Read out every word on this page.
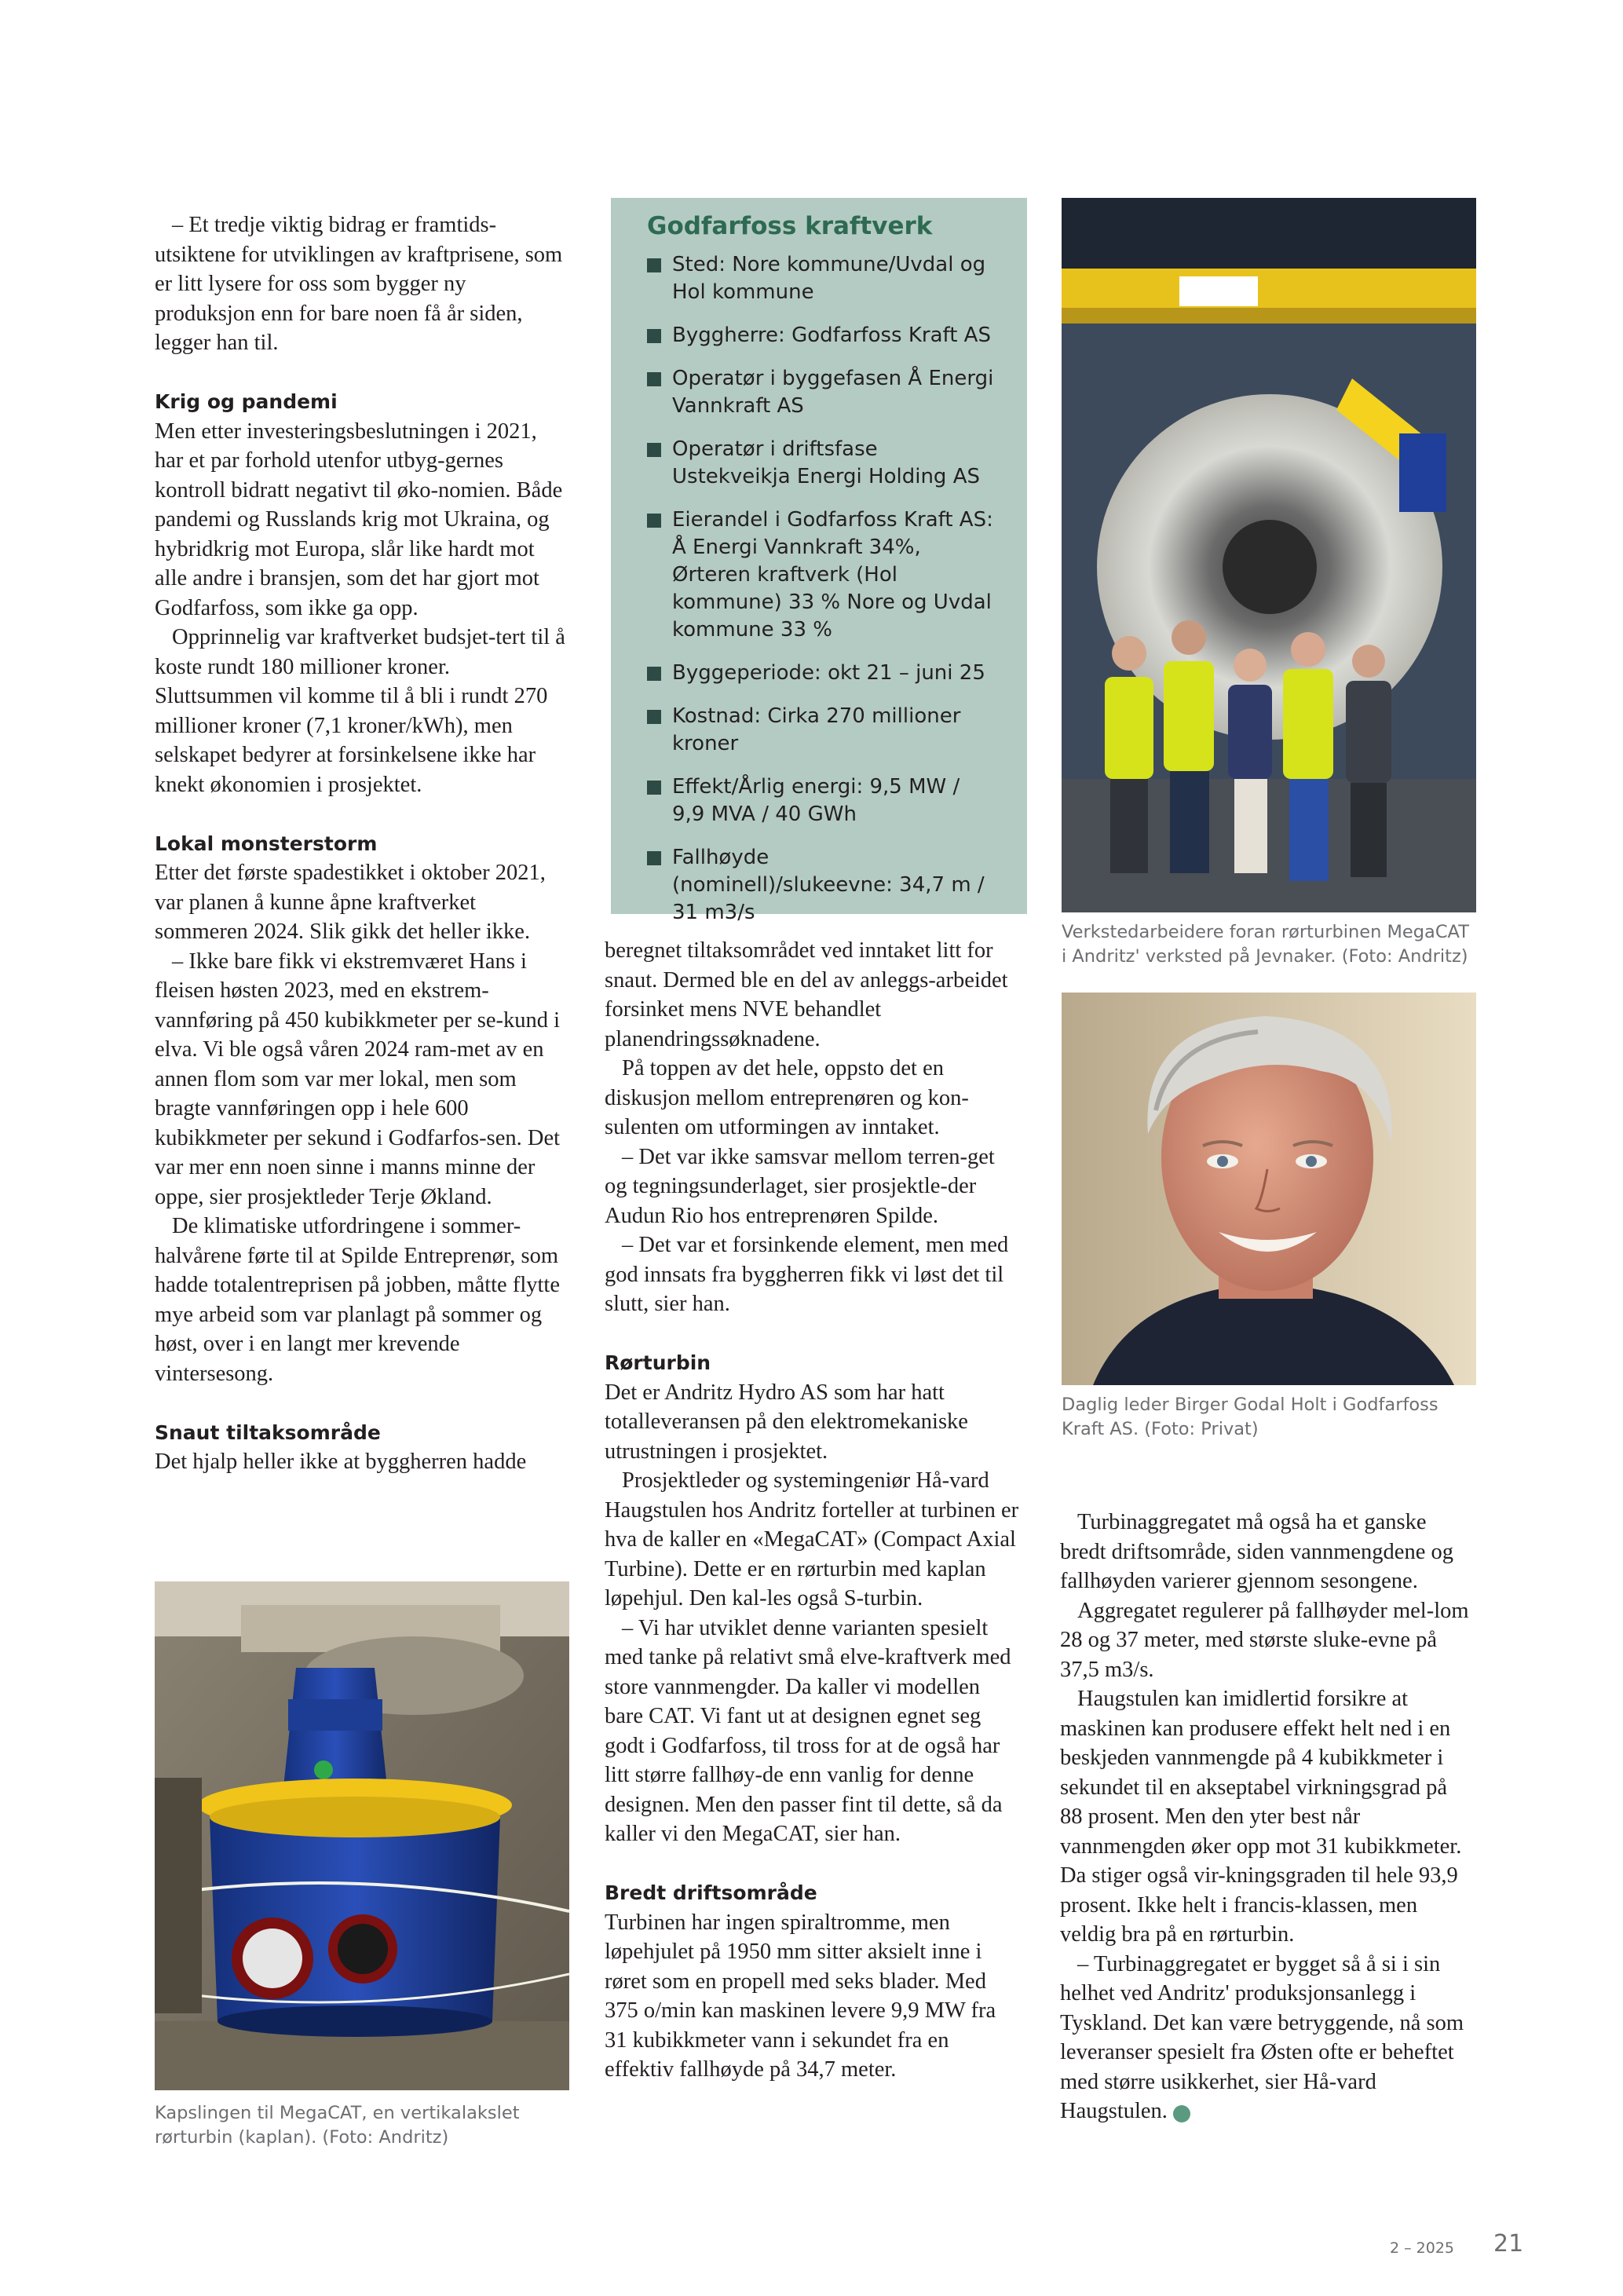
– Et tredje viktig bidrag er framtids-utsiktene for utviklingen av kraftprisene, som er litt lysere for oss som bygger ny produksjon enn for bare noen få år siden, legger han til.

Krig og pandemi

Men etter investeringsbeslutningen i 2021, har et par forhold utenfor utbyg-gernes kontroll bidratt negativt til øko-nomien. Både pandemi og Russlands krig mot Ukraina, og hybridkrig mot Europa, slår like hardt mot alle andre i bransjen, som det har gjort mot Godfarfoss, som ikke ga opp.

Opprinnelig var kraftverket budsjet-tert til å koste rundt 180 millioner kroner. Sluttsummen vil komme til å bli i rundt 270 millioner kroner (7,1 kroner/kWh), men selskapet bedyrer at forsinkelsene ikke har knekt økonomien i prosjektet.

Lokal monsterstorm

Etter det første spadestikket i oktober 2021, var planen å kunne åpne kraftverket sommeren 2024. Slik gikk det heller ikke.

– Ikke bare fikk vi ekstremværet Hans i fleisen høsten 2023, med en ekstrem-vannføring på 450 kubikkmeter per se-kund i elva. Vi ble også våren 2024 ram-met av en annen flom som var mer lokal, men som bragte vannføringen opp i hele 600 kubikkmeter per sekund i Godfarfos-sen. Det var mer enn noen sinne i manns minne der oppe, sier prosjektleder Terje Økland.

De klimatiske utfordringene i sommer-halvårene førte til at Spilde Entreprenør, som hadde totalentreprisen på jobben, måtte flytte mye arbeid som var planlagt på sommer og høst, over i en langt mer krevende vintersesong.

Snaut tiltaksområde

Det hjalp heller ikke at byggherren hadde

Kapslingen til MegaCAT, en vertikalakslet rørturbin (kaplan). (Foto: Andritz)
Godfarfoss kraftverk
Sted: Nore kommune/Uvdal og Hol kommune
Byggherre: Godfarfoss Kraft AS
Operatør i byggefasen Å Energi Vannkraft AS
Operatør i driftsfase Ustekveikja Energi Holding AS
Eierandel i Godfarfoss Kraft AS: Å Energi Vannkraft 34%, Ørteren kraftverk (Hol kommune) 33 % Nore og Uvdal kommune 33 %
Byggeperiode: okt 21 – juni 25
Kostnad: Cirka 270 millioner kroner
Effekt/Årlig energi: 9,5 MW / 9,9 MVA / 40 GWh
Fallhøyde (nominell)/slukeevne: 34,7 m / 31 m3/s

beregnet tiltaksområdet ved inntaket litt for snaut. Dermed ble en del av anleggs-arbeidet forsinket mens NVE behandlet planendringssøknadene.

På toppen av det hele, oppsto det en diskusjon mellom entreprenøren og kon-sulenten om utformingen av inntaket.

– Det var ikke samsvar mellom terren-get og tegningsunderlaget, sier prosjektle-der Audun Rio hos entreprenøren Spilde.

– Det var et forsinkende element, men med god innsats fra byggherren fikk vi løst det til slutt, sier han.

Rørturbin

Det er Andritz Hydro AS som har hatt totalleveransen på den elektromekaniske utrustningen i prosjektet.

Prosjektleder og systemingeniør Hå-vard Haugstulen hos Andritz forteller at turbinen er hva de kaller en «MegaCAT» (Compact Axial Turbine). Dette er en rørturbin med kaplan løpehjul. Den kal-les også S-turbin.

– Vi har utviklet denne varianten spesielt med tanke på relativt små elve-kraftverk med store vannmengder. Da kaller vi modellen bare CAT. Vi fant ut at designen egnet seg godt i Godfarfoss, til tross for at de også har litt større fallhøy-de enn vanlig for denne designen. Men den passer fint til dette, så da kaller vi den MegaCAT, sier han.

Bredt driftsområde

Turbinen har ingen spiraltromme, men løpehjulet på 1950 mm sitter aksielt inne i røret som en propell med seks blader. Med 375 o/min kan maskinen levere 9,9 MW fra 31 kubikkmeter vann i sekundet fra en effektiv fallhøyde på 34,7 meter.

Verkstedarbeidere foran rørturbinen MegaCAT i Andritz' verksted på Jevnaker. (Foto: Andritz)
Daglig leder Birger Godal Holt i Godfarfoss Kraft AS. (Foto: Privat)

Turbinaggregatet må også ha et ganske bredt driftsområde, siden vannmengdene og fallhøyden varierer gjennom sesongene.

Aggregatet regulerer på fallhøyder mel-lom 28 og 37 meter, med største sluke-evne på 37,5 m3/s.

Haugstulen kan imidlertid forsikre at maskinen kan produsere effekt helt ned i en beskjeden vannmengde på 4 kubikkmeter i sekundet til en akseptabel virkningsgrad på 88 prosent. Men den yter best når vannmengden øker opp mot 31 kubikkmeter. Da stiger også vir-kningsgraden til hele 93,9 prosent. Ikke helt i francis-klassen, men veldig bra på en rørturbin.

– Turbinaggregatet er bygget så å si i sin helhet ved Andritz' produksjonsanlegg i Tyskland. Det kan være betryggende, nå som leveranser spesielt fra Østen ofte er beheftet med større usikkerhet, sier Hå-vard Haugstulen. e

2 – 2025 21
